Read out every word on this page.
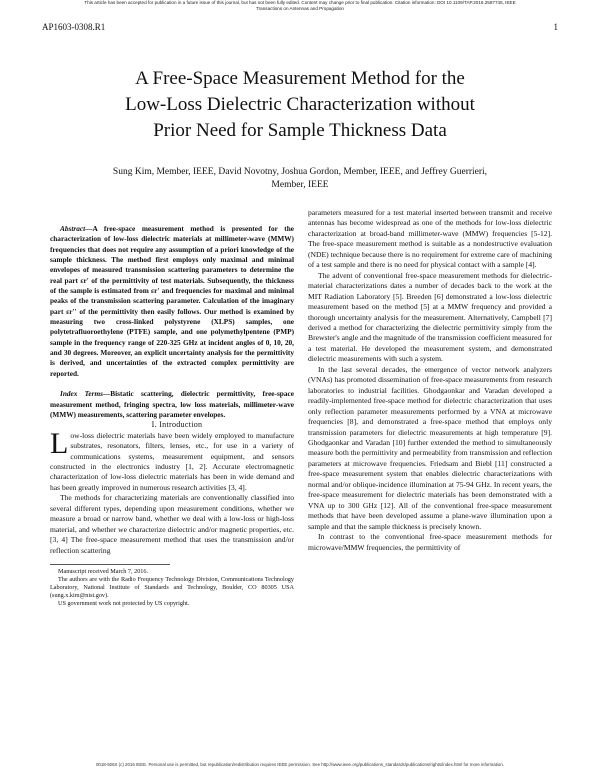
This article has been accepted for publication in a future issue of this journal, but has not been fully edited. Content may change prior to final publication. Citation information: DOI 10.1109/TAP.2016.2587745, IEEE
Transactions on Antennas and Propagation
AP1603-0308.R1	1
A Free-Space Measurement Method for the
Low-Loss Dielectric Characterization without
Prior Need for Sample Thickness Data
Sung Kim, Member, IEEE, David Novotny, Joshua Gordon, Member, IEEE, and Jeffrey Guerrieri,
Member, IEEE

Abstract—A free-space measurement method is presented for the characterization of low-loss dielectric materials at millimeter-wave (MMW) frequencies that does not require any assumption of a priori knowledge of the sample thickness. The method first employs only maximal and minimal envelopes of measured transmission scattering parameters to determine the real part εr' of the permittivity of test materials. Subsequently, the thickness of the sample is estimated from εr' and frequencies for maximal and minimal peaks of the transmission scattering parameter. Calculation of the imaginary part εr'' of the permittivity then easily follows. Our method is examined by measuring two cross-linked polystyrene (XLPS) samples, one polytetrafluoroethylene (PTFE) sample, and one polymethylpentene (PMP) sample in the frequency range of 220-325 GHz at incident angles of 0, 10, 20, and 30 degrees. Moreover, an explicit uncertainty analysis for the permittivity is derived, and uncertainties of the extracted complex permittivity are reported.

Index Terms—Bistatic scattering, dielectric permittivity, free-space measurement method, fringing spectra, low loss materials, millimeter-wave (MMW) measurements, scattering parameter envelopes.

I. Introduction

Low-loss dielectric materials have been widely employed to manufacture substrates, resonators, filters, lenses, etc., for use in a variety of communications systems, measurement equipment, and sensors constructed in the electronics industry [1, 2]. Accurate electromagnetic characterization of low-loss dielectric materials has been in wide demand and has been greatly improved in numerous research activities [3, 4].

The methods for characterizing materials are conventionally classified into several different types, depending upon measurement conditions, whether we measure a broad or narrow band, whether we deal with a low-loss or high-loss material, and whether we characterize dielectric and/or magnetic properties, etc. [3, 4] The free-space measurement method that uses the transmission and/or reflection scattering

Manuscript received March 7, 2016.
The authors are with the Radio Frequency Technology Division, Communications Technology Laboratory, National Institute of Standards and Technology, Boulder, CO 80305 USA (sung.x.kim@nist.gov).
US government work not protected by US copyright.

parameters measured for a test material inserted between transmit and receive antennas has become widespread as one of the methods for low-loss dielectric characterization at broad-band millimeter-wave (MMW) frequencies [5-12]. The free-space measurement method is suitable as a nondestructive evaluation (NDE) technique because there is no requirement for extreme care of machining of a test sample and there is no need for physical contact with a sample [4].

The advent of conventional free-space measurement methods for dielectric-material characterizations dates a number of decades back to the work at the MIT Radiation Laboratory [5]. Breeden [6] demonstrated a low-loss dielectric measurement based on the method [5] at a MMW frequency and provided a thorough uncertainty analysis for the measurement. Alternatively, Campbell [7] derived a method for characterizing the dielectric permittivity simply from the Brewster's angle and the magnitude of the transmission coefficient measured for a test material. He developed the measurement system, and demonstrated dielectric measurements with such a system.

In the last several decades, the emergence of vector network analyzers (VNAs) has promoted dissemination of free-space measurements from research laboratories to industrial facilities. Ghodgaonkar and Varadan developed a readily-implemented free-space method for dielectric characterization that uses only reflection parameter measurements performed by a VNA at microwave frequencies [8], and demonstrated a free-space method that employs only transmission parameters for dielectric measurements at high temperature [9]. Ghodgaonkar and Varadan [10] further extended the method to simultaneously measure both the permittivity and permeability from transmission and reflection parameters at microwave frequencies. Friedsam and Biebl [11] constructed a free-space measurement system that enables dielectric characterizations with normal and/or oblique-incidence illumination at 75-94 GHz. In recent years, the free-space measurement for dielectric materials has been demonstrated with a VNA up to 300 GHz [12]. All of the conventional free-space measurement methods that have been developed assume a plane-wave illumination upon a sample and that the sample thickness is precisely known.

In contrast to the conventional free-space measurement methods for microwave/MMW frequencies, the permittivity of

0018-926X (c) 2016 IEEE. Personal use is permitted, but republication/redistribution requires IEEE permission. See http://www.ieee.org/publications_standards/publications/rights/index.html for more information.
